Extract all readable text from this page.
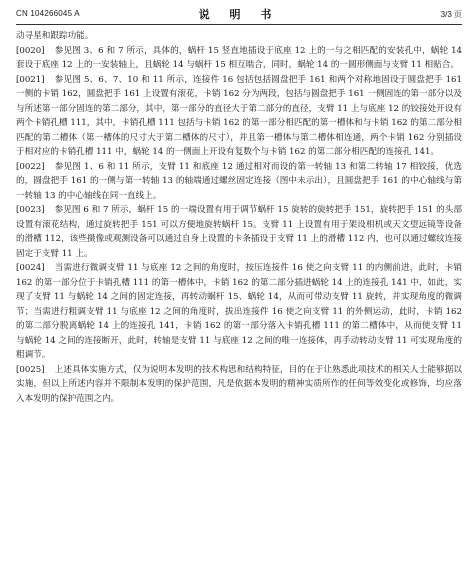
CN 104266045 A	说 明 书	3/3 页

动寻星和跟踪功能。

[0020] 参见图 3、6 和 7 所示，具体的，蜗杆 15 竖直地插设于底座 12 上的一与之相匹配的安装孔中，蜗轮 14 套设于底座 12 上的一安装轴上，且蜗轮 14 与蜗杆 15 相互啮合，同时，蜗轮 14 的一圆形侧面与支臂 11 相贴合。

[0021] 参见图 5、6、7、10 和 11 所示，连接件 16 包括包括圆盘把手 161 和两个对称地固设于圆盘把手 161 一侧的卡销 162，圆盘把手 161 上设置有滚花，卡销 162 分为两段，包括与圆盘把手 161 一侧固连的第一部分以及与所述第一部分固连的第二部分，其中，第一部分的直径大于第二部分的直径，支臂 11 上与底座 12 的铰接处开设有两个卡销孔槽 111，其中，卡销孔槽 111 包括与卡销 162 的第一部分相匹配的第一槽体和与卡销 162 的第二部分相匹配的第二槽体（第一槽体的尺寸大于第二槽体的尺寸），并且第一槽体与第二槽体相连通，两个卡销 162 分别插设于相对应的卡销孔槽 111 中，蜗轮 14 的一侧面上开设有复数个与卡销 162 的第二部分相匹配的连接孔 141。

[0022] 参见图 1、6 和 11 所示，支臂 11 和底座 12 通过相对而设的第一转轴 13 和第二转轴 17 相铰接，优选的，圆盘把手 161 的一侧与第一转轴 13 的轴端通过螺丝固定连接（图中未示出），且圆盘把手 161 的中心轴线与第一转轴 13 的中心轴线在同一直线上。

[0023] 参见图 6 和 7 所示，蜗杆 15 的一端设置有用于调节蜗杆 15 旋转的旋转把手 151，旋转把手 151 的头部设置有滚花结构，通过旋转把手 151 可以方便地旋转蜗杆 15。支臂 11 上设置有用于架设相机或天文望远镜等设备的滑槽 112，该些摄像或观测设备可以通过自身上设置的卡条插设于支臂 11 上的滑槽 112 内，也可以通过螺纹连接固定于支臂 11 上。

[0024] 当需进行微调支臂 11 与底座 12 之间的角度时，按压连接件 16 使之向支臂 11 的内侧前进，此时，卡销 162 的第一部分位于卡销孔槽 111 的第一槽体中，卡销 162 的第二部分插进蜗轮 14 上的连接孔 141 中，如此，实现了支臂 11 与蜗轮 14 之间的固定连接，再转动蜗杆 15、蜗轮 14，从而可带动支臂 11 旋转，并实现角度的微调节；当需进行粗调支臂 11 与底座 12 之间的角度时，拔出连接件 16 使之向支臂 11 的外侧运动，此时，卡销 162 的第二部分脱离蜗轮 14 上的连接孔 141，卡销 162 的第一部分落入卡销孔槽 111 的第二槽体中，从而使支臂 11 与蜗轮 14 之间的连接断开，此时，转轴是支臂 11 与底座 12 之间的唯一连接体，再手动转动支臂 11 可实现角度的粗调节。

[0025] 上述具体实施方式，仅为说明本发明的技术构思和结构特征，目的在于让熟悉此项技术的相关人士能够据以实施，但以上所述内容并不限制本发明的保护范围，凡是依据本发明的精神实质所作的任何等效变化或修饰，均应落入本发明的保护范围之内。
